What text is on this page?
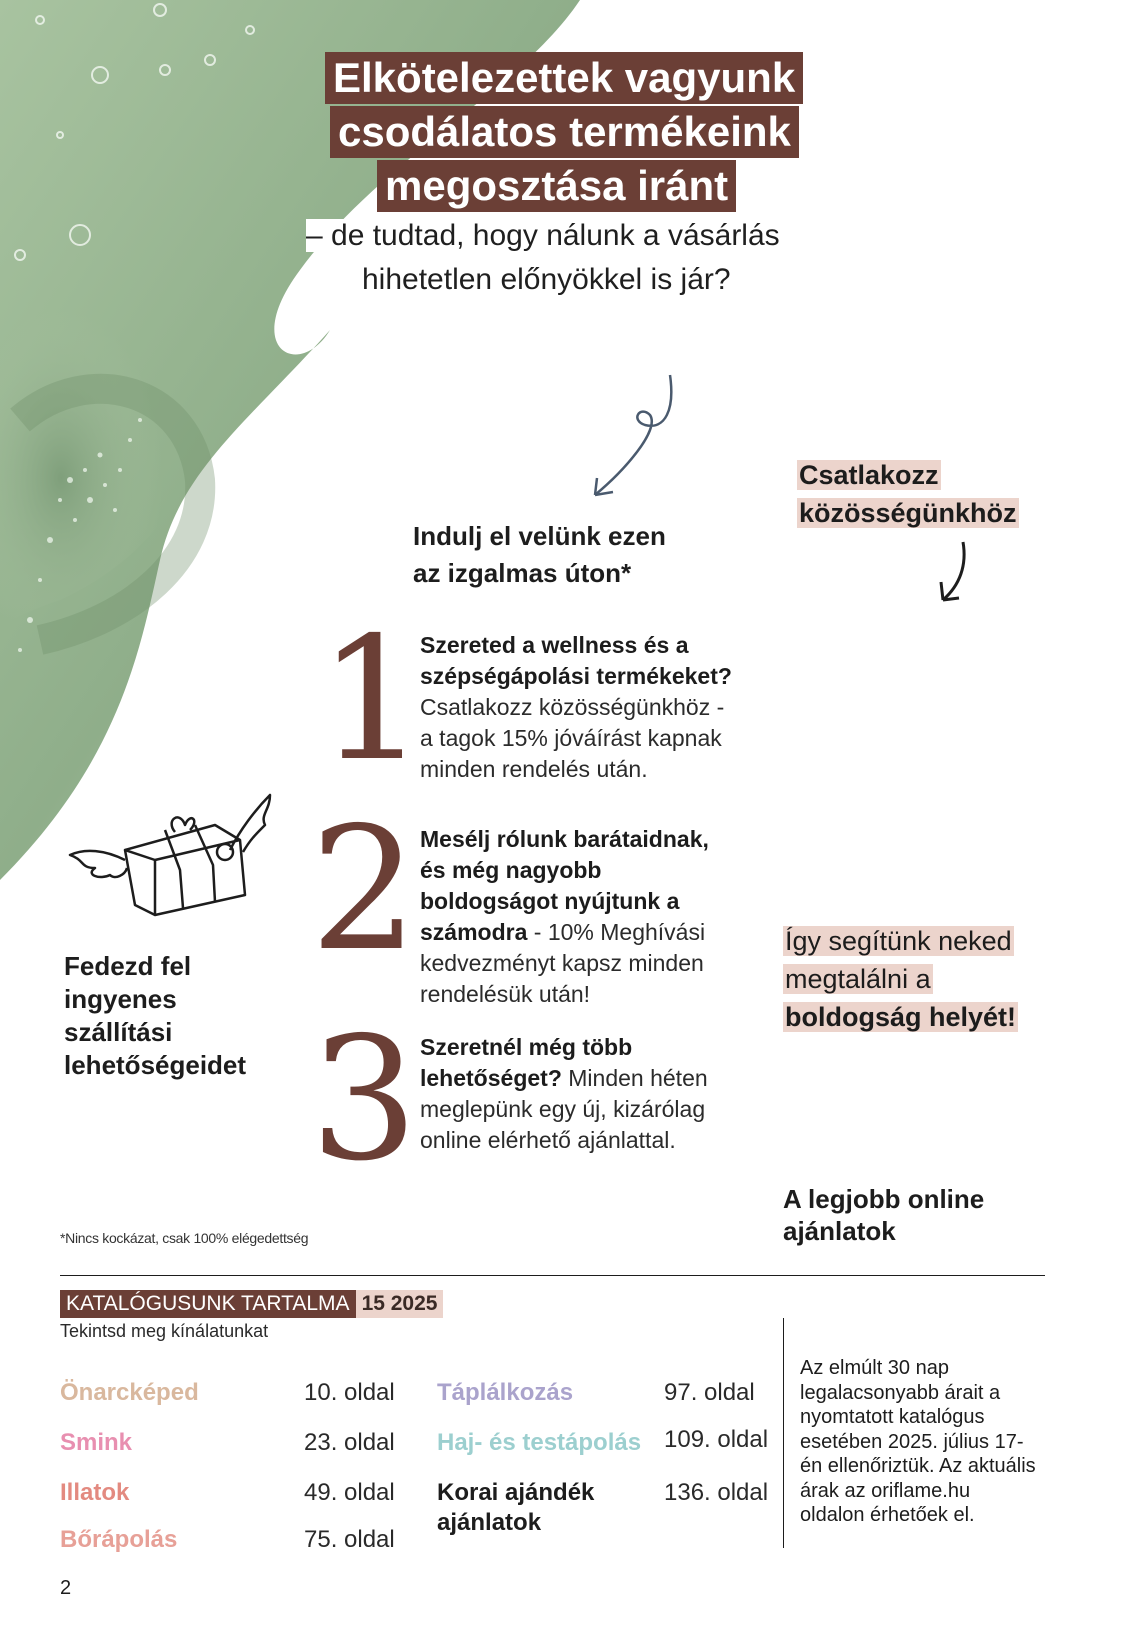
Elkötelezettek vagyunk
csodálatos termékeink
megosztása iránt
– de tudtad, hogy nálunk a vásárlás
hihetetlen előnyökkel is jár?
Indulj el velünk ezen
az izgalmas úton*
Csatlakozz
közösségünkhöz
1
2
3
Szereted a wellness és a szépségápolási termékeket? Csatlakozz közösségünkhöz - a tagok 15% jóváírást kapnak minden rendelés után.
Mesélj rólunk barátaidnak, és még nagyobb boldogságot nyújtunk a számodra - 10% Meghívási kedvezményt kapsz minden rendelésük után!
Szeretnél még több lehetőséget? Minden héten meglepünk egy új, kizárólag online elérhető ajánlattal.
Fedezd fel
ingyenes
szállítási
lehetőségeidet
Így segítünk neked
megtalálni a
boldogság helyét!
A legjobb online
ajánlatok
*Nincs kockázat, csak 100% elégedettség
KATALÓGUSUNK TARTALMA 15 2025
Tekintsd meg kínálatunkat
Önarcképed	10. oldal
Smink	23. oldal
Illatok	49. oldal
Bőrápolás	75. oldal
Táplálkozás	97. oldal
Haj- és testápolás 109. oldal
Korai ajándék ajánlatok
136. oldal
Az elmúlt 30 nap legalacsonyabb árait a nyomtatott katalógus esetében 2025. július 17-én ellenőriztük. Az aktuális árak az oriflame.hu oldalon érhetőek el.
2
